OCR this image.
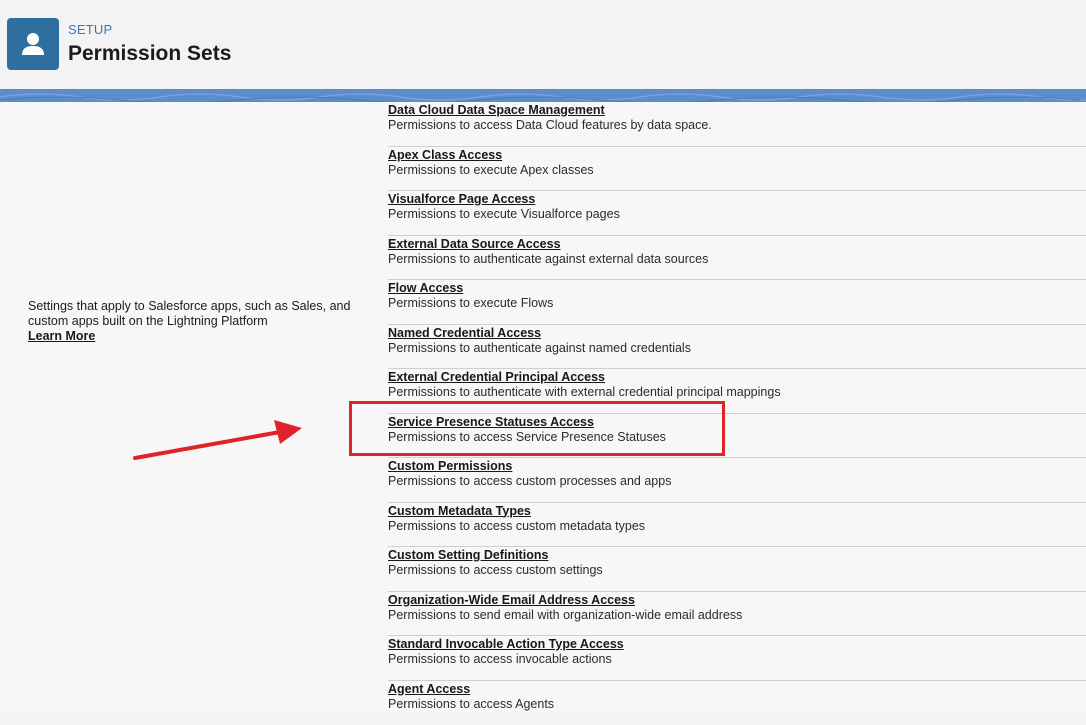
SETUP
Permission Sets
Settings that apply to Salesforce apps, such as Sales, and custom apps built on the Lightning Platform
Learn More
Data Cloud Data Space Management
Permissions to access Data Cloud features by data space.
Apex Class Access
Permissions to execute Apex classes
Visualforce Page Access
Permissions to execute Visualforce pages
External Data Source Access
Permissions to authenticate against external data sources
Flow Access
Permissions to execute Flows
Named Credential Access
Permissions to authenticate against named credentials
External Credential Principal Access
Permissions to authenticate with external credential principal mappings
Service Presence Statuses Access
Permissions to access Service Presence Statuses
Custom Permissions
Permissions to access custom processes and apps
Custom Metadata Types
Permissions to access custom metadata types
Custom Setting Definitions
Permissions to access custom settings
Organization-Wide Email Address Access
Permissions to send email with organization-wide email address
Standard Invocable Action Type Access
Permissions to access invocable actions
Agent Access
Permissions to access Agents
